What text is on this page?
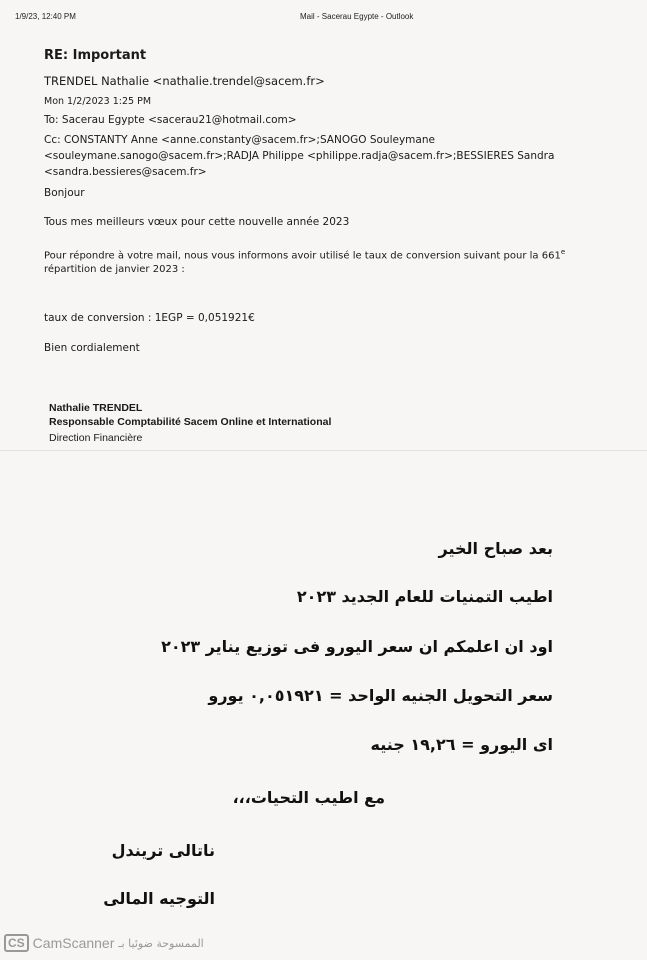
1/9/23, 12:40 PM	Mail - Sacerau Egypte - Outlook
RE: Important
TRENDEL Nathalie <nathalie.trendel@sacem.fr>
Mon 1/2/2023 1:25 PM
To: Sacerau Egypte <sacerau21@hotmail.com>
Cc: CONSTANTY Anne <anne.constanty@sacem.fr>;SANOGO Souleymane
<souleymane.sanogo@sacem.fr>;RADJA Philippe <philippe.radja@sacem.fr>;BESSIERES Sandra
<sandra.bessieres@sacem.fr>
Bonjour
Tous mes meilleurs vœux pour cette nouvelle année 2023
Pour répondre à votre mail, nous vous informons avoir utilisé le taux de conversion suivant pour la 661e
répartition de janvier 2023 :
taux de conversion : 1EGP = 0,051921€
Bien cordialement
Nathalie TRENDEL
Responsable Comptabilité Sacem Online et International
Direction Financière
بعد صباح الخير
اطيب التمنيات للعام الجديد ٢٠٢٣
اود ان اعلمكم ان سعر اليورو فى توزيع يناير ٢٠٢٣
سعر التحويل الجنيه الواحد = ٠,٠٥١٩٢١ يورو
اى اليورو = ١٩,٢٦ جنيه
مع اطيب التحيات،،،
ناتالى تريندل
التوجيه المالى
CS CamScanner الممسوحة ضوئيا بـ
